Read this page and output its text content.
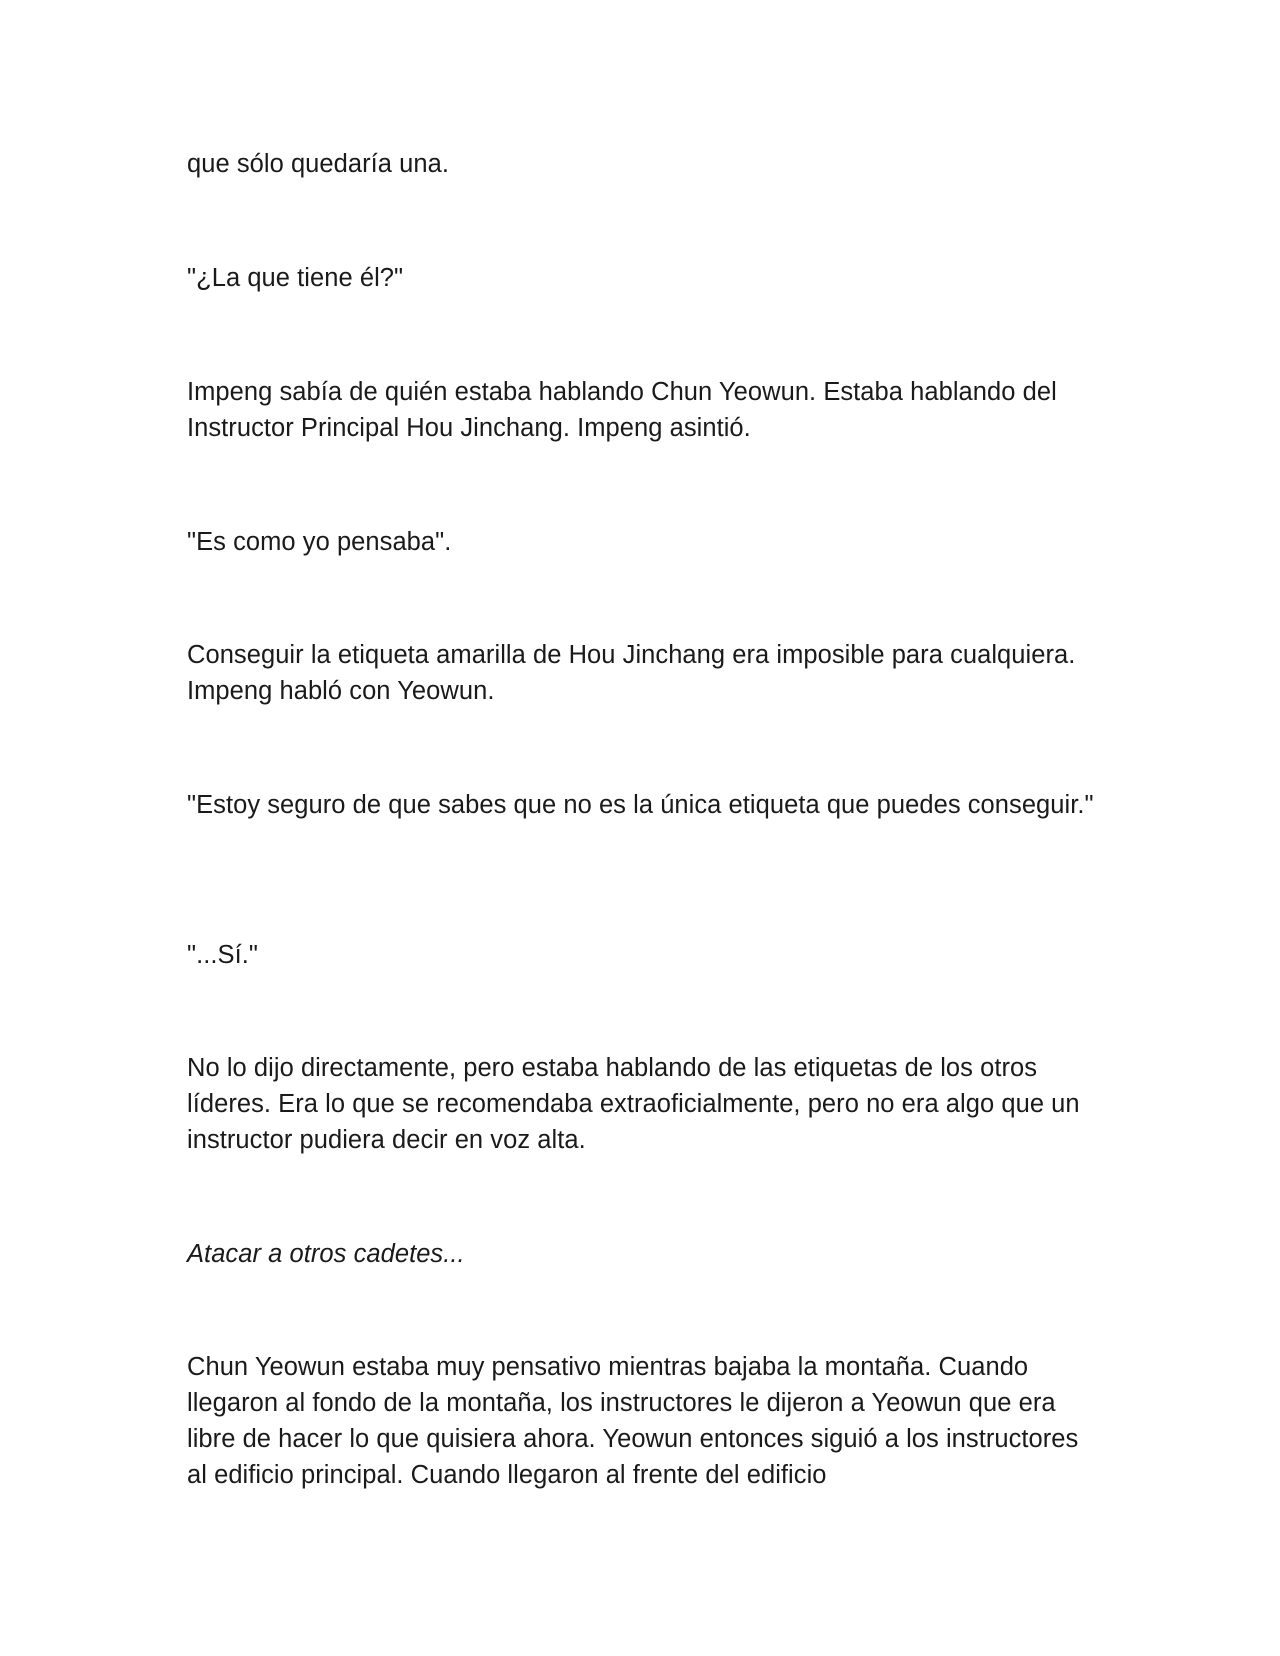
que sólo quedaría una.

"¿La que tiene él?"

Impeng sabía de quién estaba hablando Chun Yeowun. Estaba hablando del Instructor Principal Hou Jinchang. Impeng asintió.

"Es como yo pensaba".

Conseguir la etiqueta amarilla de Hou Jinchang era imposible para cualquiera. Impeng habló con Yeowun.

"Estoy seguro de que sabes que no es la única etiqueta que puedes conseguir."

"...Sí."

No lo dijo directamente, pero estaba hablando de las etiquetas de los otros líderes. Era lo que se recomendaba extraoficialmente, pero no era algo que un instructor pudiera decir en voz alta.

Atacar a otros cadetes...

Chun Yeowun estaba muy pensativo mientras bajaba la montaña. Cuando llegaron al fondo de la montaña, los instructores le dijeron a Yeowun que era libre de hacer lo que quisiera ahora. Yeowun entonces siguió a los instructores al edificio principal. Cuando llegaron al frente del edificio
